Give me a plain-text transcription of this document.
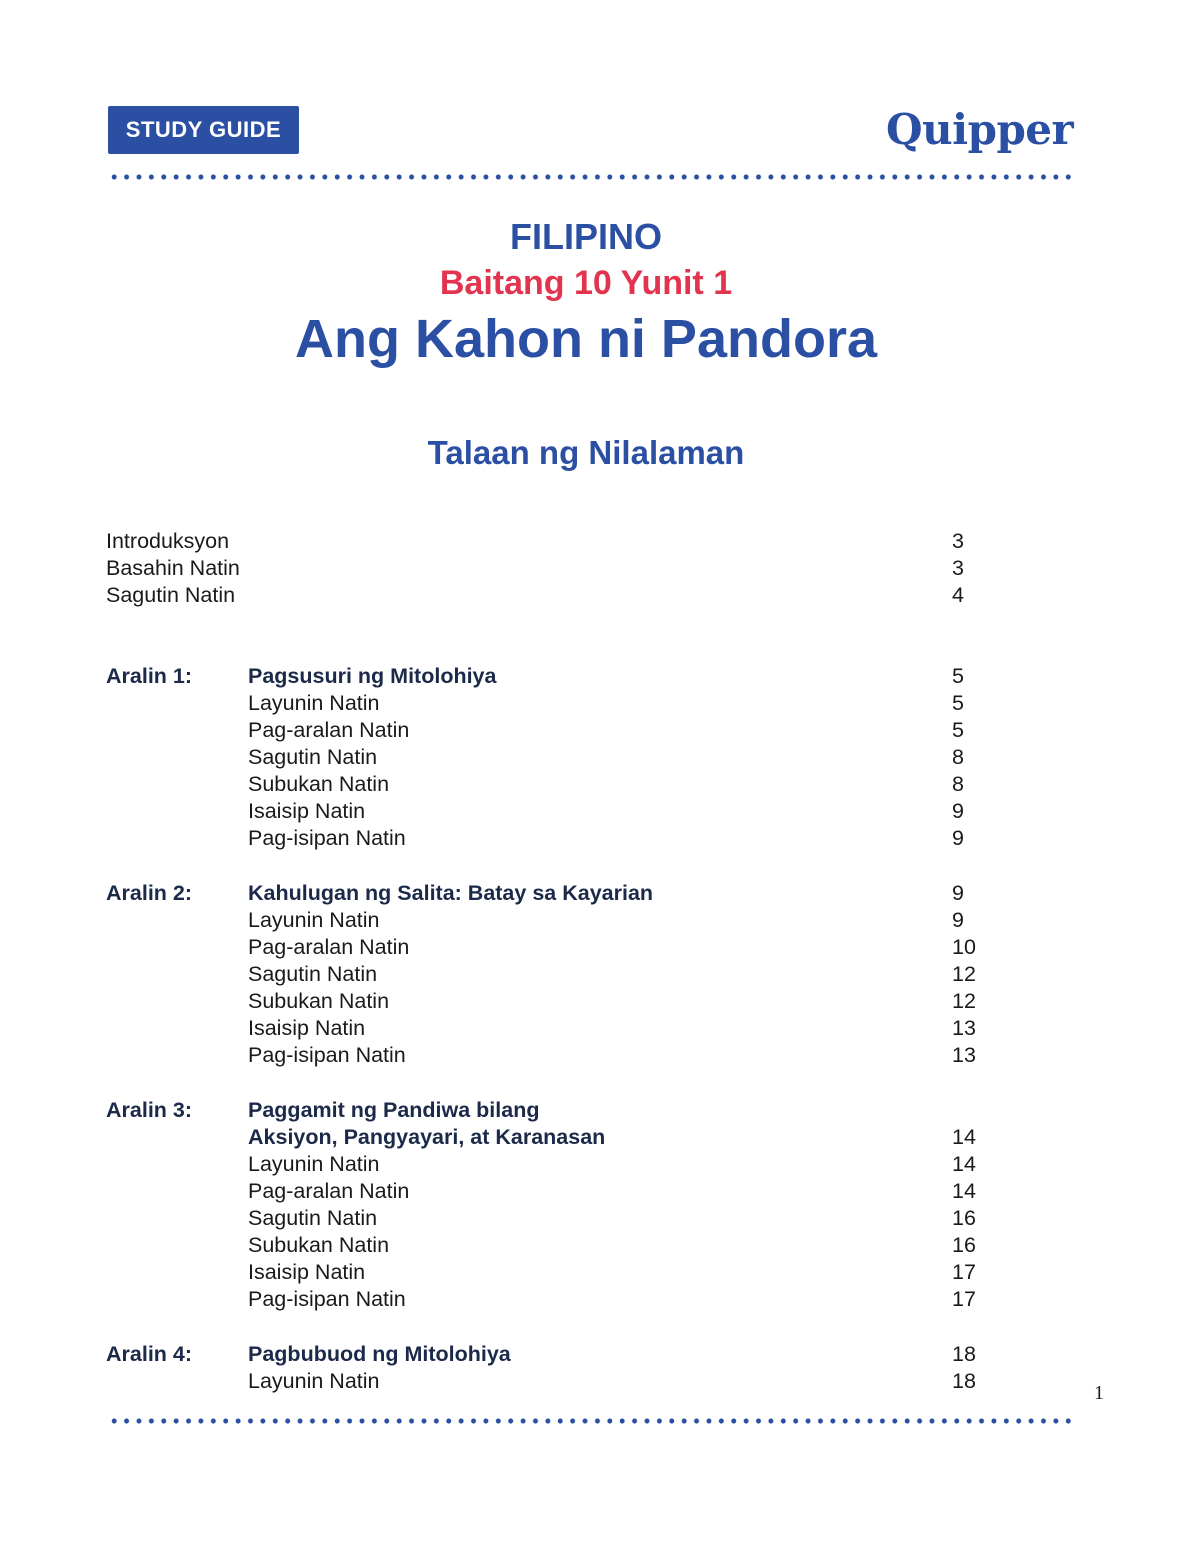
STUDY GUIDE	Quipper
FILIPINO
Baitang 10 Yunit 1
Ang Kahon ni Pandora
Talaan ng Nilalaman
Introduksyon	3
Basahin Natin	3
Sagutin Natin	4
Aralin 1:	Pagsusuri ng Mitolohiya	5
Layunin Natin	5
Pag-aralan Natin	5
Sagutin Natin	8
Subukan Natin	8
Isaisip Natin	9
Pag-isipan Natin	9
Aralin 2:	Kahulugan ng Salita: Batay sa Kayarian	9
Layunin Natin	9
Pag-aralan Natin	10
Sagutin Natin	12
Subukan Natin	12
Isaisip Natin	13
Pag-isipan Natin	13
Aralin 3:	Paggamit ng Pandiwa bilang
Aksiyon, Pangyayari, at Karanasan	14
Layunin Natin	14
Pag-aralan Natin	14
Sagutin Natin	16
Subukan Natin	16
Isaisip Natin	17
Pag-isipan Natin	17
Aralin 4:	Pagbubuod ng Mitolohiya	18
Layunin Natin	18	1
